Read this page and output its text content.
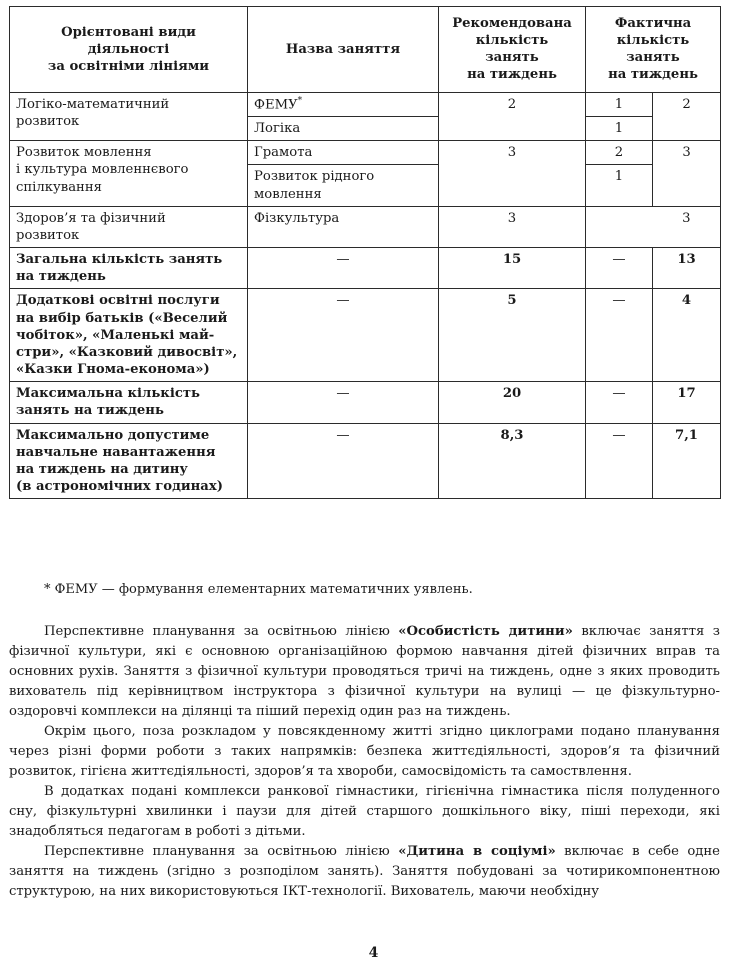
Орієнтовані види
діяльності
за освітніми лініями	Назва заняття	Рекомендована
кількість
занять
на тиждень	Фактична
кількість занять
на тиждень	

Логіко-математичний
розвиток	ФЕМУ*	2	1	2
	Логіка		1	

Розвиток мовлення
і культура мовленнєвого
спілкування	Грамота	3	2	3

	Розвиток рідного
мовлення		1	

Здоров’я та фізичний
розвиток	Фізкультура	3		3

Загальна кількість занять
на тиждень	—	15	—	13

Додаткові освітні послуги
на вибір батьків («Веселий
чобіток», «Маленькі май-
стри», «Казковий дивосвіт»,
«Казки Гнома-економа»)	—	5	—	4

Максимальна кількість
занять на тиждень	—	20	—	17

Максимально допустиме
навчальне навантаження
на тиждень на дитину
(в астрономічних годинах)	—	8,3	—	7,1
* ФЕМУ — формування елементарних математичних уявлень.

Перспективне планування за освітньою лінією «Особистість дитини» включає заняття з фізичної культури, які є основною організаційною формою навчання дітей фізичних вправ та основних рухів. Заняття з фізичної культури проводяться тричі на тиждень, одне з яких проводить вихователь під керівництвом інструктора з фізичної культури на вулиці — це фізкультурно-оздоровчі комплекси на ділянці та піший перехід один раз на тиждень.

Окрім цього, поза розкладом у повсякденному житті згідно циклограми подано планування через різні форми роботи з таких напрямків: безпека життєдіяльності, здоров’я та фізичний розвиток, гігієна життєдіяльності, здоров’я та хвороби, самосвідомість та самоствлення.

В додатках подані комплекси ранкової гімнастики, гігієнічна гімнастика після полуденного сну, фізкультурні хвилинки і паузи для дітей старшого дошкільного віку, піші переходи, які знадобляться педагогам в роботі з дітьми.

Перспективне планування за освітньою лінією «Дитина в соціумі» включає в себе одне заняття на тиждень (згідно з розподілом занять). Заняття побудовані за чотирикомпонентною структурою, на них використовуються ІКТ-технології. Вихователь, маючи необхідну

4
